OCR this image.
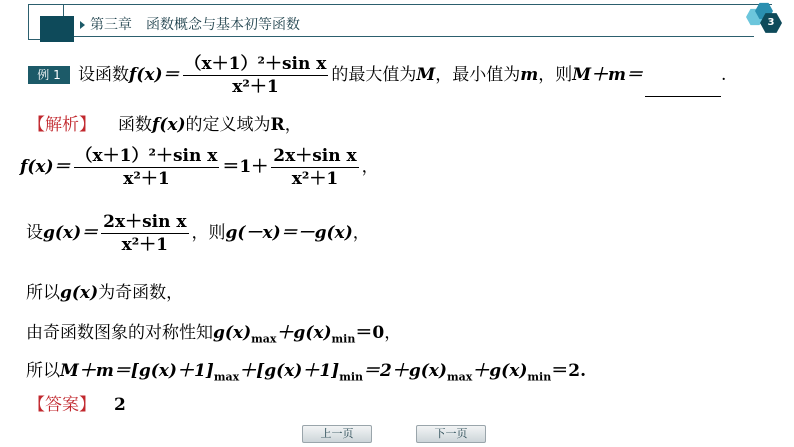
第三章　函数概念与基本初等函数	3
例 1	设函数$f(x)= \frac{\text{（x＋1）²＋sin x}}{\text{x²＋1}}$ 的最大值为M，最小值为m，则M＋m＝	.
【解析】 函数f(x)的定义域为R，
$f(x)= \frac{\text{（x＋1）²＋sin x}}{\text{x²＋1}} =1+ \frac{\text{2x＋sin x}}{\text{x²＋1}}$ ，
设$g(x)= \frac{\text{2x＋sin x}}{\text{x²＋1}}$ ，则g(－x)＝－g(x)，
所以g(x)为奇函数，
由奇函数图象的对称性知$g(x)_{max}+g(x)_{min}=0$，
所以$M+m=[g(x)+1]_{max}+[g(x)+1]_{min}=2+g(x)_{max}+g(x)_{min}=2$.
【答案】 2
上一页	下一页
